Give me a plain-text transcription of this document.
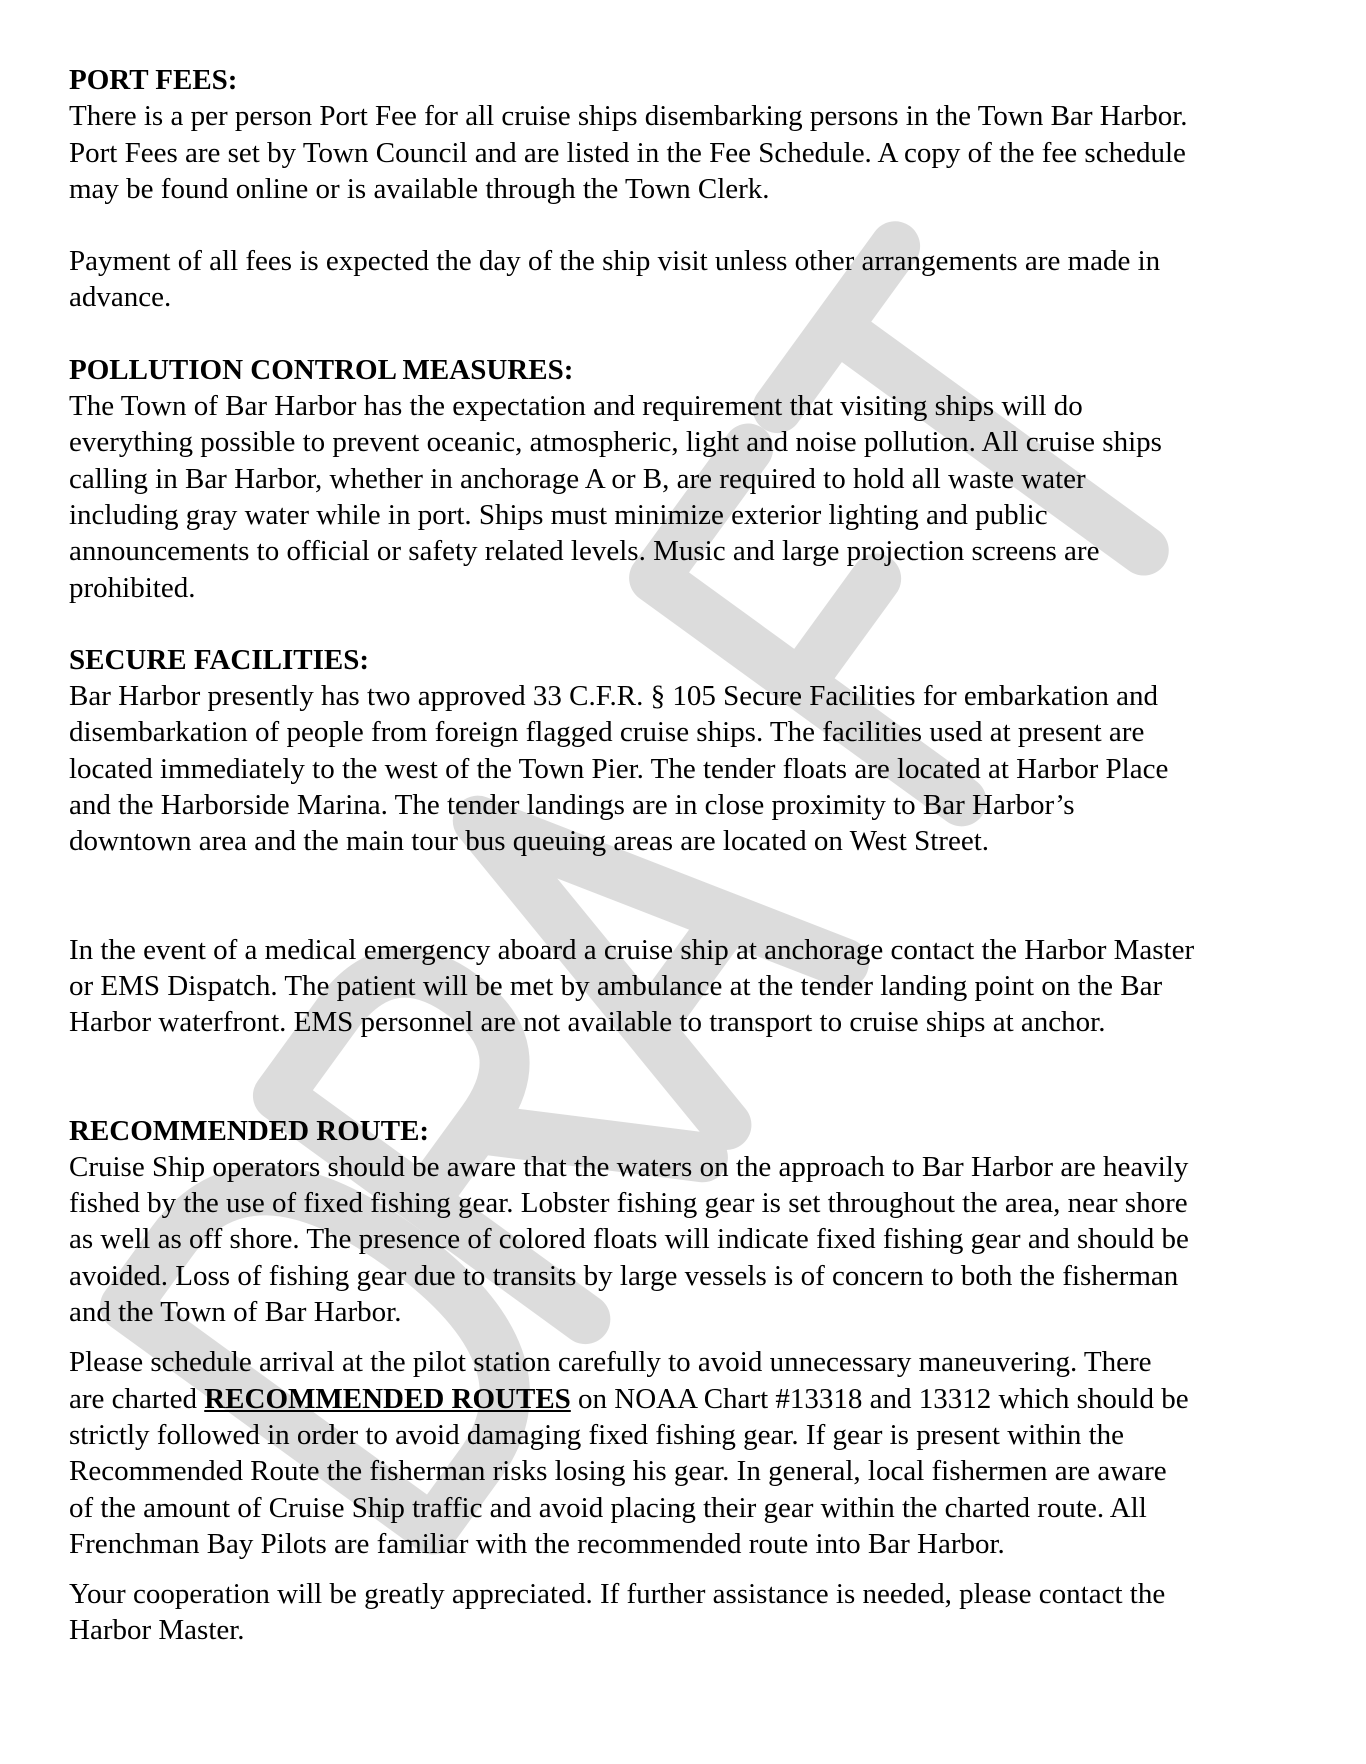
PORT FEES:

There is a per person Port Fee for all cruise ships disembarking persons in the Town Bar Harbor.
Port Fees are set by Town Council and are listed in the Fee Schedule. A copy of the fee schedule
may be found online or is available through the Town Clerk.

Payment of all fees is expected the day of the ship visit unless other arrangements are made in
advance.

POLLUTION CONTROL MEASURES:

The Town of Bar Harbor has the expectation and requirement that visiting ships will do
everything possible to prevent oceanic, atmospheric, light and noise pollution. All cruise ships
calling in Bar Harbor, whether in anchorage A or B, are required to hold all waste water
including gray water while in port. Ships must minimize exterior lighting and public
announcements to official or safety related levels. Music and large projection screens are
prohibited.

SECURE FACILITIES:

Bar Harbor presently has two approved 33 C.F.R. § 105 Secure Facilities for embarkation and
disembarkation of people from foreign flagged cruise ships. The facilities used at present are
located immediately to the west of the Town Pier. The tender floats are located at Harbor Place
and the Harborside Marina. The tender landings are in close proximity to Bar Harbor’s
downtown area and the main tour bus queuing areas are located on West Street.

In the event of a medical emergency aboard a cruise ship at anchorage contact the Harbor Master
or EMS Dispatch. The patient will be met by ambulance at the tender landing point on the Bar
Harbor waterfront. EMS personnel are not available to transport to cruise ships at anchor.

RECOMMENDED ROUTE:

Cruise Ship operators should be aware that the waters on the approach to Bar Harbor are heavily
fished by the use of fixed fishing gear. Lobster fishing gear is set throughout the area, near shore
as well as off shore. The presence of colored floats will indicate fixed fishing gear and should be
avoided. Loss of fishing gear due to transits by large vessels is of concern to both the fisherman
and the Town of Bar Harbor.

Please schedule arrival at the pilot station carefully to avoid unnecessary maneuvering. There
are charted RECOMMENDED ROUTES on NOAA Chart #13318 and 13312 which should be
strictly followed in order to avoid damaging fixed fishing gear. If gear is present within the
Recommended Route the fisherman risks losing his gear. In general, local fishermen are aware
of the amount of Cruise Ship traffic and avoid placing their gear within the charted route. All
Frenchman Bay Pilots are familiar with the recommended route into Bar Harbor.

Your cooperation will be greatly appreciated. If further assistance is needed, please contact the
Harbor Master.
